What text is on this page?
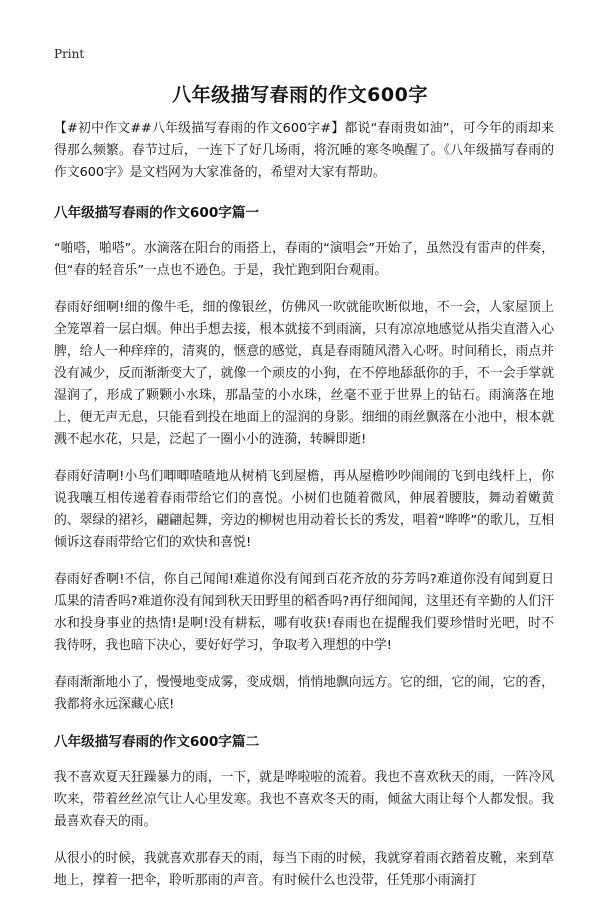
Print
八年级描写春雨的作文600字

【#初中作文##八年级描写春雨的作文600字#】都说“春雨贵如油”，可今年的雨却来得那么频繁。春节过后，一连下了好几场雨，将沉睡的寒冬唤醒了。《八年级描写春雨的作文600字》是文档网为大家准备的，希望对大家有帮助。

八年级描写春雨的作文600字篇一

“啪嗒，啪嗒”。水滴落在阳台的雨搭上，春雨的“演唱会”开始了，虽然没有雷声的伴奏，但“春的轻音乐”一点也不逊色。于是，我忙跑到阳台观雨。

春雨好细啊!细的像牛毛，细的像银丝，仿佛风一吹就能吹断似地，不一会，人家屋顶上全笼罩着一层白烟。伸出手想去接，根本就接不到雨滴，只有凉凉地感觉从指尖直潜入心脾，给人一种痒痒的，清爽的，惬意的感觉，真是春雨随风潜入心呀。时间稍长，雨点并没有减少，反而渐渐变大了，就像一个顽皮的小狗，在不停地舔舐你的手，不一会手掌就湿润了，形成了颗颗小水珠，那晶莹的小水珠，丝毫不亚于世界上的钻石。雨滴落在地上，便无声无息，只能看到投在地面上的湿润的身影。细细的雨丝飘落在小池中，根本就溅不起水花，只是，泛起了一圈小小的涟漪，转瞬即逝!

春雨好清啊!小鸟们唧唧喳喳地从树梢飞到屋檐，再从屋檐吵吵闹闹的飞到电线杆上，你说我嚷互相传递着春雨带给它们的喜悦。小树们也随着微风，伸展着腰肢，舞动着嫩黄的、翠绿的裙衫，翩翩起舞，旁边的柳树也用动着长长的秀发，唱着“哗哗”的歌儿，互相倾诉这春雨带给它们的欢快和喜悦!

春雨好香啊!不信，你自己闻闻!难道你没有闻到百花齐放的芬芳吗?难道你没有闻到夏日瓜果的清香吗?难道你没有闻到秋天田野里的稻香吗?再仔细闻闻，这里还有辛勤的人们汗水和投身事业的热情!是啊!没有耕耘，哪有收获!春雨也在提醒我们要珍惜时光吧，时不我待呀，我也暗下决心，要好好学习，争取考入理想的中学!

春雨渐渐地小了，慢慢地变成雾，变成烟，悄悄地飘向远方。它的细，它的闹，它的香，我都将永远深藏心底!

八年级描写春雨的作文600字篇二

我不喜欢夏天狂躁暴力的雨，一下，就是哗啦啦的流着。我也不喜欢秋天的雨，一阵冷风吹来，带着丝丝凉气让人心里发寒。我也不喜欢冬天的雨，倾盆大雨让每个人都发恨。我最喜欢春天的雨。

从很小的时候，我就喜欢那春天的雨，每当下雨的时候，我就穿着雨衣踏着皮靴，来到草地上，撑着一把伞，聆听那雨的声音。有时候什么也没带，任凭那小雨滴打
